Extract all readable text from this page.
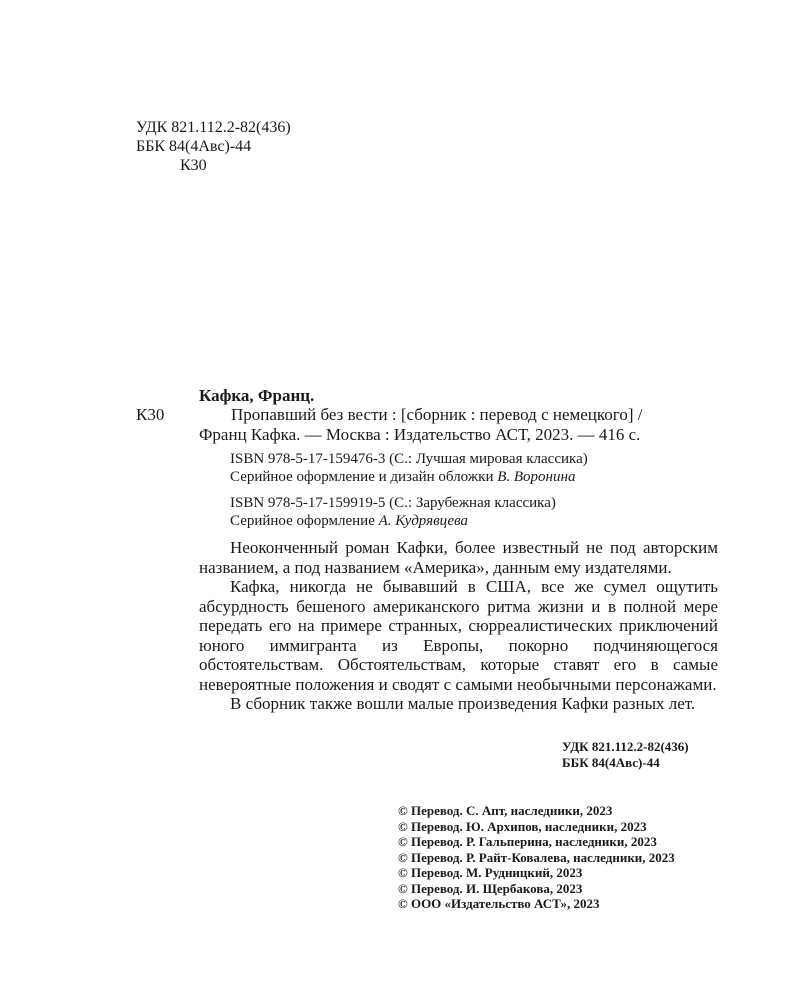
УДК 821.112.2-82(436)
ББК 84(4Авс)-44
К30

Кафка, Франц.

К30	Пропавший без вести : [сборник : перевод с немецкого] /

Франц Кафка. — Москва : Издательство АСТ, 2023. — 416 с.

ISBN 978-5-17-159476-3 (С.: Лучшая мировая классика)
Серийное оформление и дизайн обложки В. Воронина
ISBN 978-5-17-159919-5 (С.: Зарубежная классика)
Серийное оформление А. Кудрявцева

Неоконченный роман Кафки, более известный не под авторским названием, а под названием «Америка», данным ему издателями.

Кафка, никогда не бывавший в США, все же сумел ощутить абсурдность бешеного американского ритма жизни и в полной мере передать его на примере странных, сюрреалистических приключений юного иммигранта из Европы, покорно подчиняющегося обстоятельствам. Обстоятельствам, которые ставят его в самые невероятные положения и сводят с самыми необычными персонажами.

В сборник также вошли малые произведения Кафки разных лет.

УДК 821.112.2-82(436)
ББК 84(4Авс)-44
© Перевод. С. Апт, наследники, 2023
© Перевод. Ю. Архипов, наследники, 2023
© Перевод. Р. Гальперина, наследники, 2023
© Перевод. Р. Райт-Ковалева, наследники, 2023
© Перевод. М. Рудницкий, 2023
© Перевод. И. Щербакова, 2023
© ООО «Издательство АСТ», 2023
